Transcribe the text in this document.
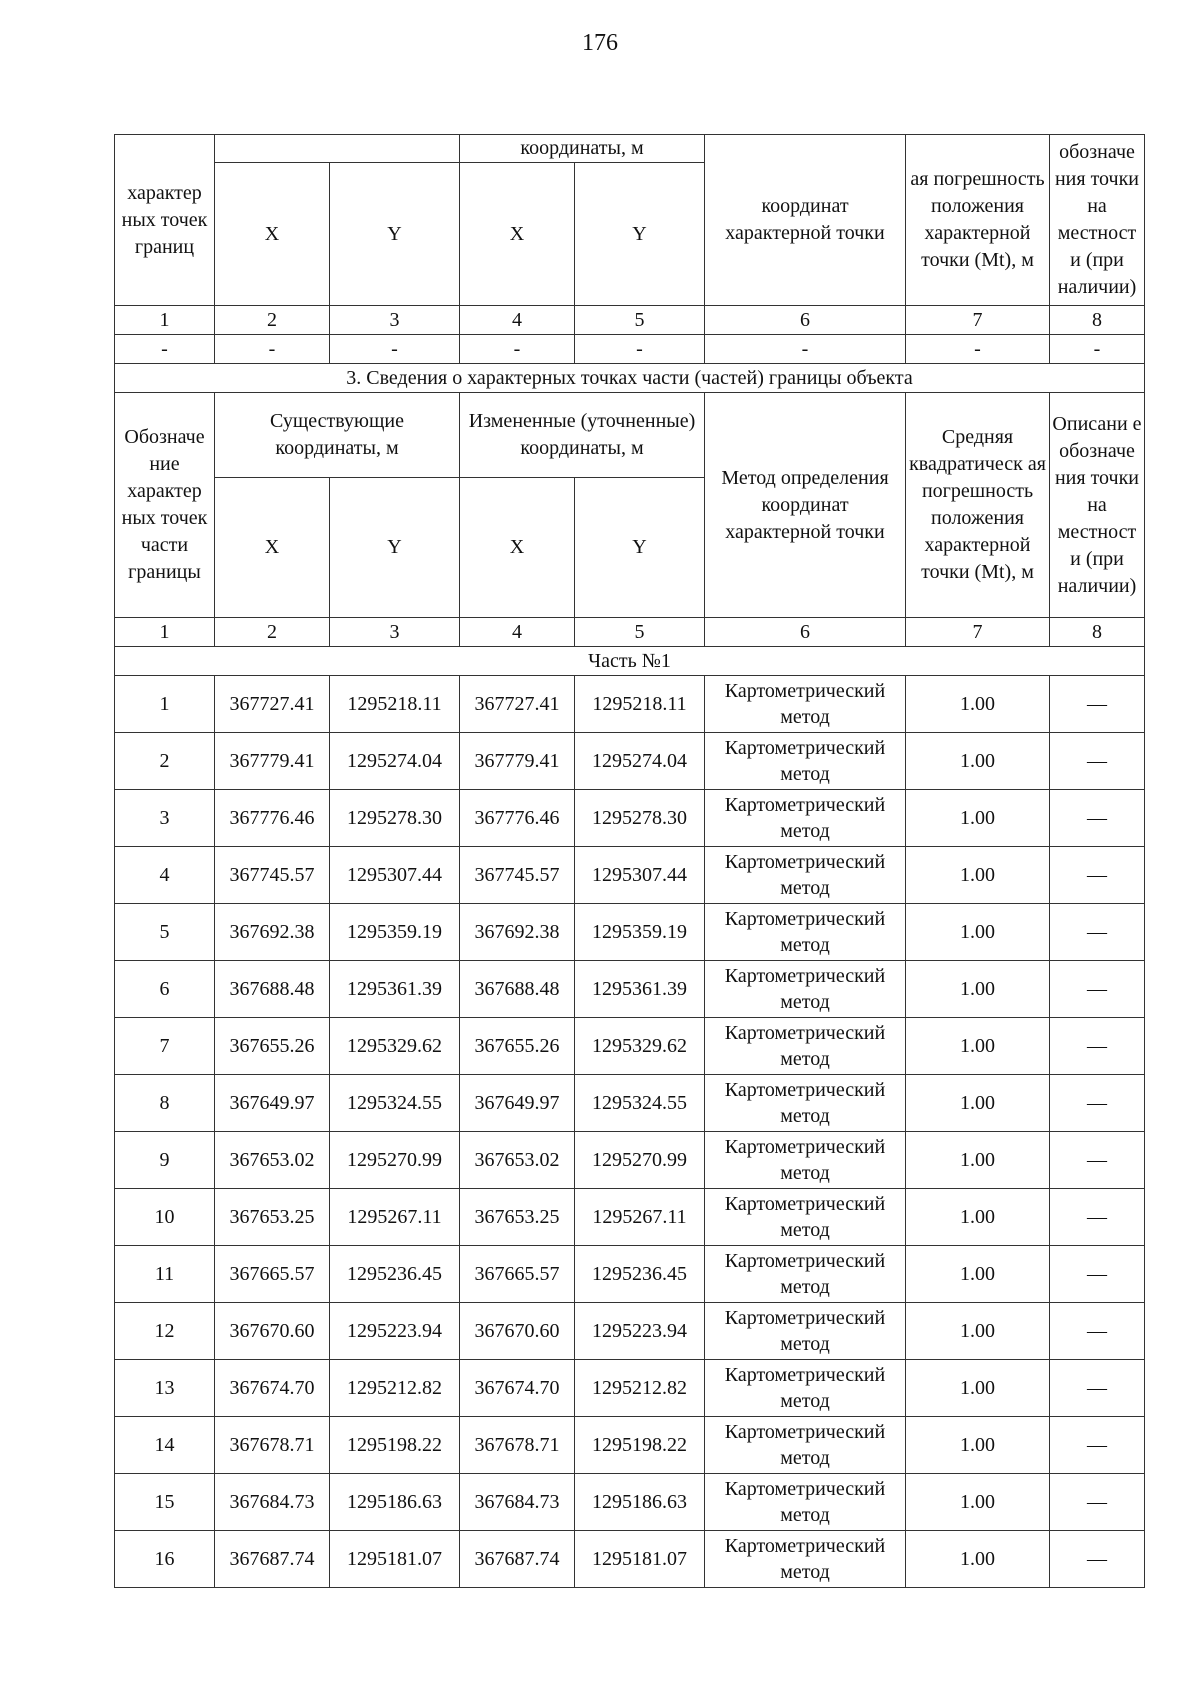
176
характер ных точек границ			координаты, м		координат характерной точки	ая погрешность положения характерной точки (Mt), м	обозначе ния точки на местност и (при наличии)
	X	Y	X	Y			
1	2	3	4	5	6	7	8
-	-	-	-	-	-	-	-
3. Сведения о характерных точках части (частей) границы объекта							
Обозначе ние характер ных точек части границы	Существующие координаты, м		Измененные (уточненные) координаты, м		Метод определения координат характерной точки	Средняя квадратическ ая погрешность положения характерной точки (Mt), м	Описани е обозначе ния точки на местност и (при наличии)
	X	Y	X	Y			
1	2	3	4	5	6	7	8
Часть №1							
1	367727.41	1295218.11	367727.41	1295218.11	Картометрический метод	1.00	—
2	367779.41	1295274.04	367779.41	1295274.04	Картометрический метод	1.00	—
3	367776.46	1295278.30	367776.46	1295278.30	Картометрический метод	1.00	—
4	367745.57	1295307.44	367745.57	1295307.44	Картометрический метод	1.00	—
5	367692.38	1295359.19	367692.38	1295359.19	Картометрический метод	1.00	—
6	367688.48	1295361.39	367688.48	1295361.39	Картометрический метод	1.00	—
7	367655.26	1295329.62	367655.26	1295329.62	Картометрический метод	1.00	—
8	367649.97	1295324.55	367649.97	1295324.55	Картометрический метод	1.00	—
9	367653.02	1295270.99	367653.02	1295270.99	Картометрический метод	1.00	—
10	367653.25	1295267.11	367653.25	1295267.11	Картометрический метод	1.00	—
11	367665.57	1295236.45	367665.57	1295236.45	Картометрический метод	1.00	—
12	367670.60	1295223.94	367670.60	1295223.94	Картометрический метод	1.00	—
13	367674.70	1295212.82	367674.70	1295212.82	Картометрический метод	1.00	—
14	367678.71	1295198.22	367678.71	1295198.22	Картометрический метод	1.00	—
15	367684.73	1295186.63	367684.73	1295186.63	Картометрический метод	1.00	—
16	367687.74	1295181.07	367687.74	1295181.07	Картометрический метод	1.00	—
